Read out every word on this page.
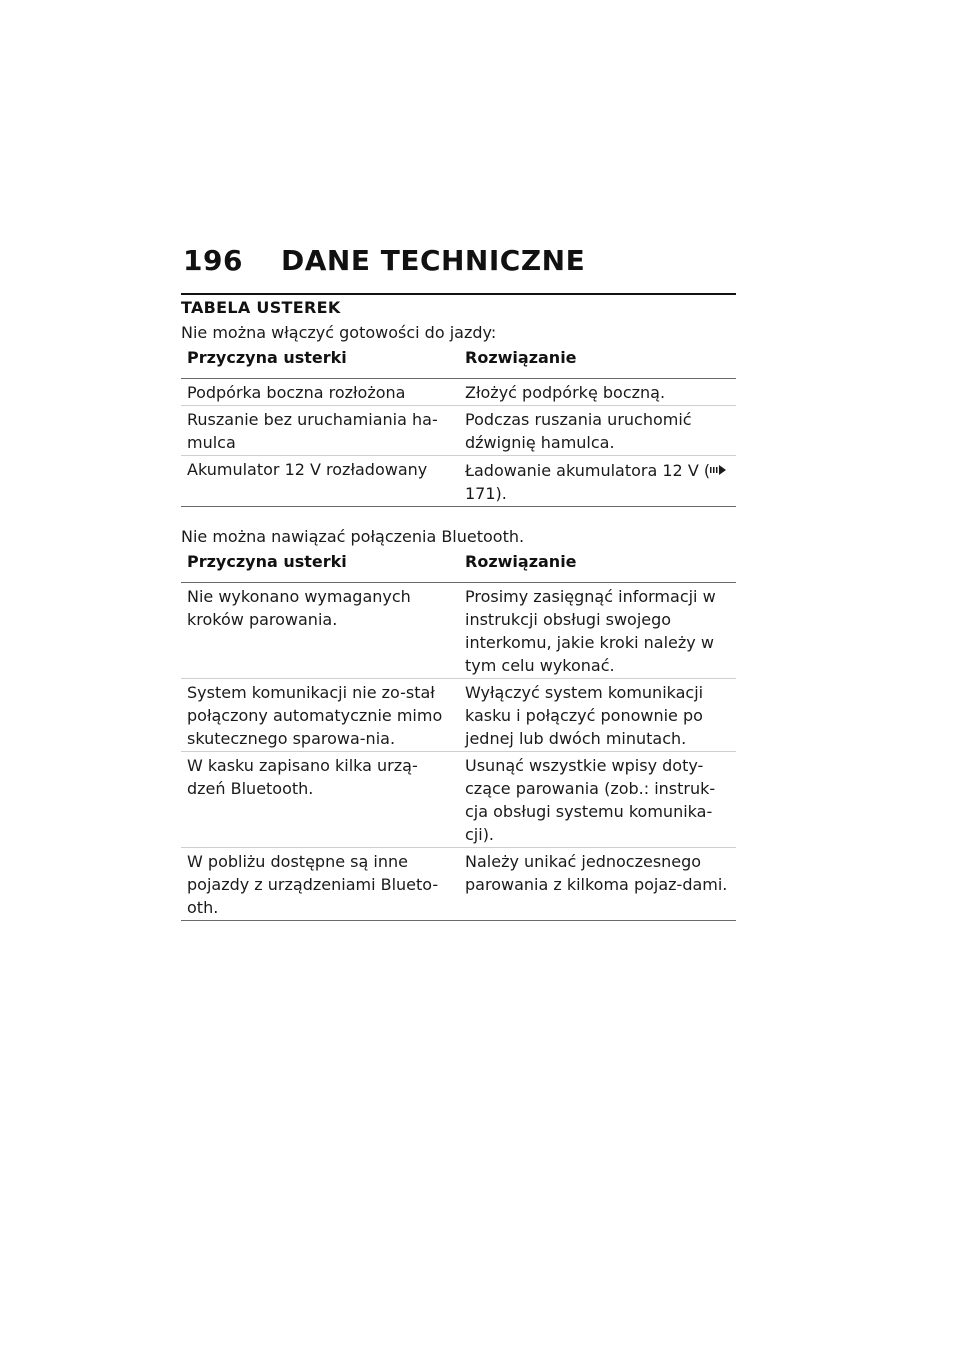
196	DANE TECHNICZNE
TABELA USTEREK

Nie można włączyć gotowości do jazdy:

Przyczyna usterki	Rozwiązanie
Podpórka boczna rozłożona	Złożyć podpórkę boczną.
Ruszanie bez uruchamiania ha-mulca	Podczas ruszania uruchomić dźwignię hamulca.
Akumulator 12 V rozładowany	Ładowanie akumulatora 12 V ( 171).

Nie można nawiązać połączenia Bluetooth.

Przyczyna usterki	Rozwiązanie
Nie wykonano wymaganych kroków parowania.	Prosimy zasięgnąć informacji w instrukcji obsługi swojego interkomu, jakie kroki należy w tym celu wykonać.
System komunikacji nie zo-stał połączony automatycznie mimo skutecznego sparowa-nia.	Wyłączyć system komunikacji kasku i połączyć ponownie po jednej lub dwóch minutach.
W kasku zapisano kilka urzą-dzeń Bluetooth.	Usunąć wszystkie wpisy doty-czące parowania (zob.: instruk-cja obsługi systemu komunika-cji).
W pobliżu dostępne są inne pojazdy z urządzeniami Blueto-oth.	Należy unikać jednoczesnego parowania z kilkoma pojaz-dami.
